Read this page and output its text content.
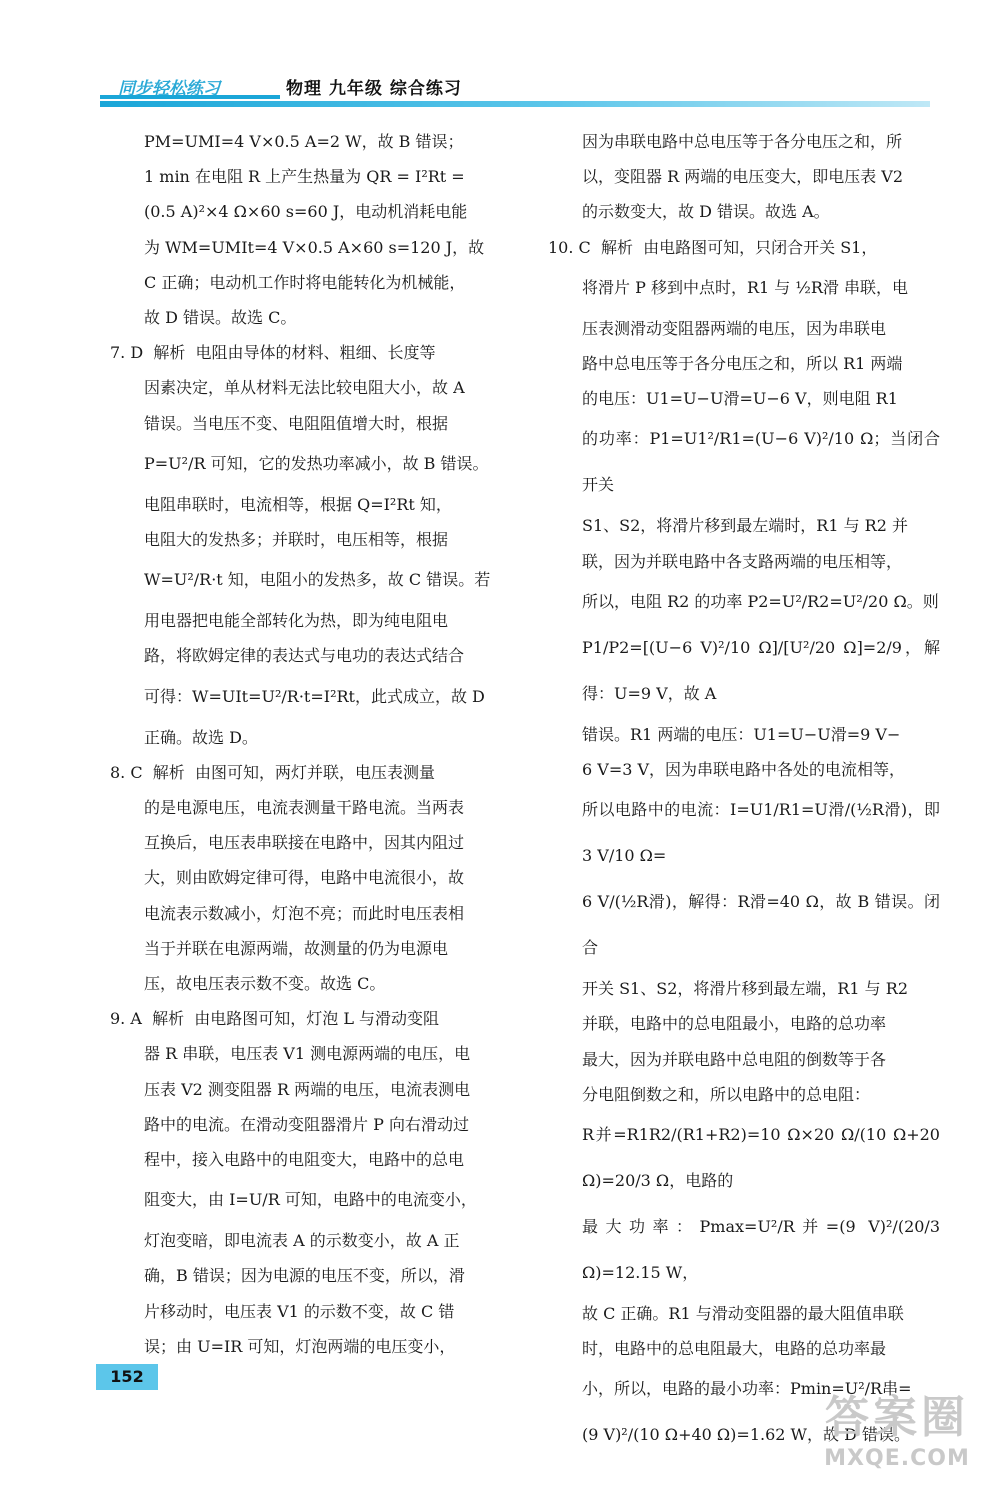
同步轻松练习	物理 九年级 综合练习

PM=UMI=4 V×0.5 A=2 W，故 B 错误；

1 min 在电阻 R 上产生热量为 QR = I²Rt =

(0.5 A)²×4 Ω×60 s=60 J，电动机消耗电能

为 WM=UMIt=4 V×0.5 A×60 s=120 J，故

C 正确；电动机工作时将电能转化为机械能，

故 D 错误。故选 C。

7. D  解析  电阻由导体的材料、粗细、长度等

因素决定，单从材料无法比较电阻大小，故 A

错误。当电压不变、电阻阻值增大时，根据

P=U²/R 可知，它的发热功率减小，故 B 错误。

电阻串联时，电流相等，根据 Q=I²Rt 知，

电阻大的发热多；并联时，电压相等，根据

W=U²/R·t 知，电阻小的发热多，故 C 错误。若

用电器把电能全部转化为热，即为纯电阻电

路，将欧姆定律的表达式与电功的表达式结合

可得：W=UIt=U²/R·t=I²Rt，此式成立，故 D

正确。故选 D。

8. C  解析  由图可知，两灯并联，电压表测量

的是电源电压，电流表测量干路电流。当两表

互换后，电压表串联接在电路中，因其内阻过

大，则由欧姆定律可得，电路中电流很小，故

电流表示数减小，灯泡不亮；而此时电压表相

当于并联在电源两端，故测量的仍为电源电

压，故电压表示数不变。故选 C。

9. A  解析  由电路图可知，灯泡 L 与滑动变阻

器 R 串联，电压表 V1 测电源两端的电压，电

压表 V2 测变阻器 R 两端的电压，电流表测电

路中的电流。在滑动变阻器滑片 P 向右滑动过

程中，接入电路中的电阻变大，电路中的总电

阻变大，由 I=U/R 可知，电路中的电流变小，

灯泡变暗，即电流表 A 的示数变小，故 A 正

确，B 错误；因为电源的电压不变，所以，滑

片移动时，电压表 V1 的示数不变，故 C 错

误；由 U=IR 可知，灯泡两端的电压变小，

因为串联电路中总电压等于各分电压之和，所

以，变阻器 R 两端的电压变大，即电压表 V2

的示数变大，故 D 错误。故选 A。

10. C  解析  由电路图可知，只闭合开关 S1，

将滑片 P 移到中点时，R1 与 ½R滑 串联，电

压表测滑动变阻器两端的电压，因为串联电

路中总电压等于各分电压之和，所以 R1 两端

的电压：U1=U−U滑=U−6 V，则电阻 R1

的功率：P1=U1²/R1=(U−6 V)²/10 Ω；当闭合开关

S1、S2，将滑片移到最左端时，R1 与 R2 并

联，因为并联电路中各支路两端的电压相等，

所以，电阻 R2 的功率 P2=U²/R2=U²/20 Ω。则

P1/P2=[(U−6 V)²/10 Ω]/[U²/20 Ω]=2/9，解得：U=9 V，故 A

错误。R1 两端的电压：U1=U−U滑=9 V−

6 V=3 V，因为串联电路中各处的电流相等，

所以电路中的电流：I=U1/R1=U滑/(½R滑)，即3 V/10 Ω=

6 V/(½R滑)，解得：R滑=40 Ω，故 B 错误。闭合

开关 S1、S2，将滑片移到最左端，R1 与 R2

并联，电路中的总电阻最小，电路的总功率

最大，因为并联电路中总电阻的倒数等于各

分电阻倒数之和，所以电路中的总电阻：

R并=R1R2/(R1+R2)=10 Ω×20 Ω/(10 Ω+20 Ω)=20/3 Ω，电路的

最大功率：Pmax=U²/R并=(9 V)²/(20/3 Ω)=12.15 W，

故 C 正确。R1 与滑动变阻器的最大阻值串联

时，电路中的总电阻最大，电路的总功率最

小，所以，电路的最小功率：Pmin=U²/R串=

(9 V)²/(10 Ω+40 Ω)=1.62 W，故 D 错误。

152
答案圈
MXQE.COM
